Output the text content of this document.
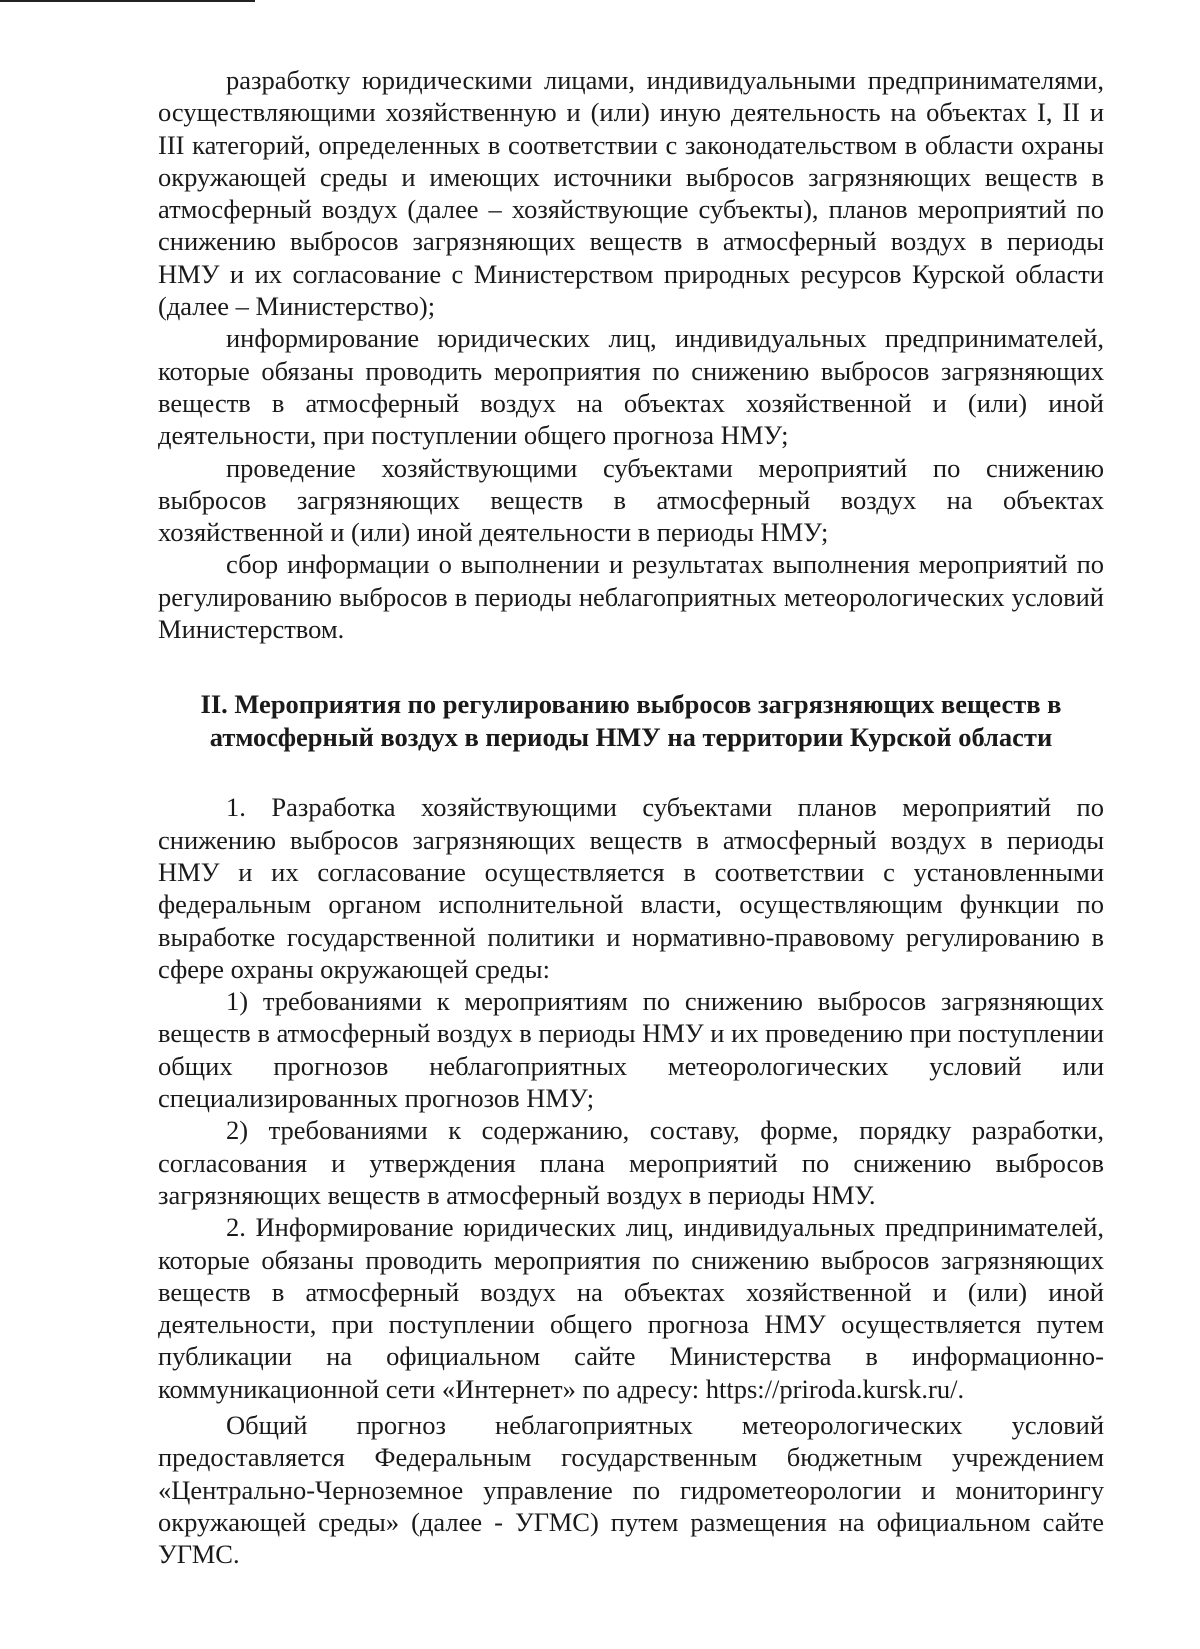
разработку юридическими лицами, индивидуальными предпринимателями, осуществляющими хозяйственную и (или) иную деятельность на объектах I, II и III категорий, определенных в соответствии с законодательством в области охраны окружающей среды и имеющих источники выбросов загрязняющих веществ в атмосферный воздух (далее – хозяйствующие субъекты), планов мероприятий по снижению выбросов загрязняющих веществ в атмосферный воздух в периоды НМУ и их согласование с Министерством природных ресурсов Курской области (далее – Министерство);

информирование юридических лиц, индивидуальных предпринимателей, которые обязаны проводить мероприятия по снижению выбросов загрязняющих веществ в атмосферный воздух на объектах хозяйственной и (или) иной деятельности, при поступлении общего прогноза НМУ;

проведение хозяйствующими субъектами мероприятий по снижению выбросов загрязняющих веществ в атмосферный воздух на объектах хозяйственной и (или) иной деятельности в периоды НМУ;

сбор информации о выполнении и результатах выполнения мероприятий по регулированию выбросов в периоды неблагоприятных метеорологических условий Министерством.

II. Мероприятия по регулированию выбросов загрязняющих веществ в атмосферный воздух в периоды НМУ на территории Курской области

1. Разработка хозяйствующими субъектами планов мероприятий по снижению выбросов загрязняющих веществ в атмосферный воздух в периоды НМУ и их согласование осуществляется в соответствии с установленными федеральным органом исполнительной власти, осуществляющим функции по выработке государственной политики и нормативно-правовому регулированию в сфере охраны окружающей среды:

1) требованиями к мероприятиям по снижению выбросов загрязняющих веществ в атмосферный воздух в периоды НМУ и их проведению при поступлении общих прогнозов неблагоприятных метеорологических условий или специализированных прогнозов НМУ;

2) требованиями к содержанию, составу, форме, порядку разработки, согласования и утверждения плана мероприятий по снижению выбросов загрязняющих веществ в атмосферный воздух в периоды НМУ.

2. Информирование юридических лиц, индивидуальных предпринимателей, которые обязаны проводить мероприятия по снижению выбросов загрязняющих веществ в атмосферный воздух на объектах хозяйственной и (или) иной деятельности, при поступлении общего прогноза НМУ осуществляется путем публикации на официальном сайте Министерства в информационно-коммуникационной сети «Интернет» по адресу: https://priroda.kursk.ru/.

Общий прогноз неблагоприятных метеорологических условий предоставляется Федеральным государственным бюджетным учреждением «Центрально-Черноземное управление по гидрометеорологии и мониторингу окружающей среды» (далее - УГМС) путем размещения на официальном сайте УГМС.
